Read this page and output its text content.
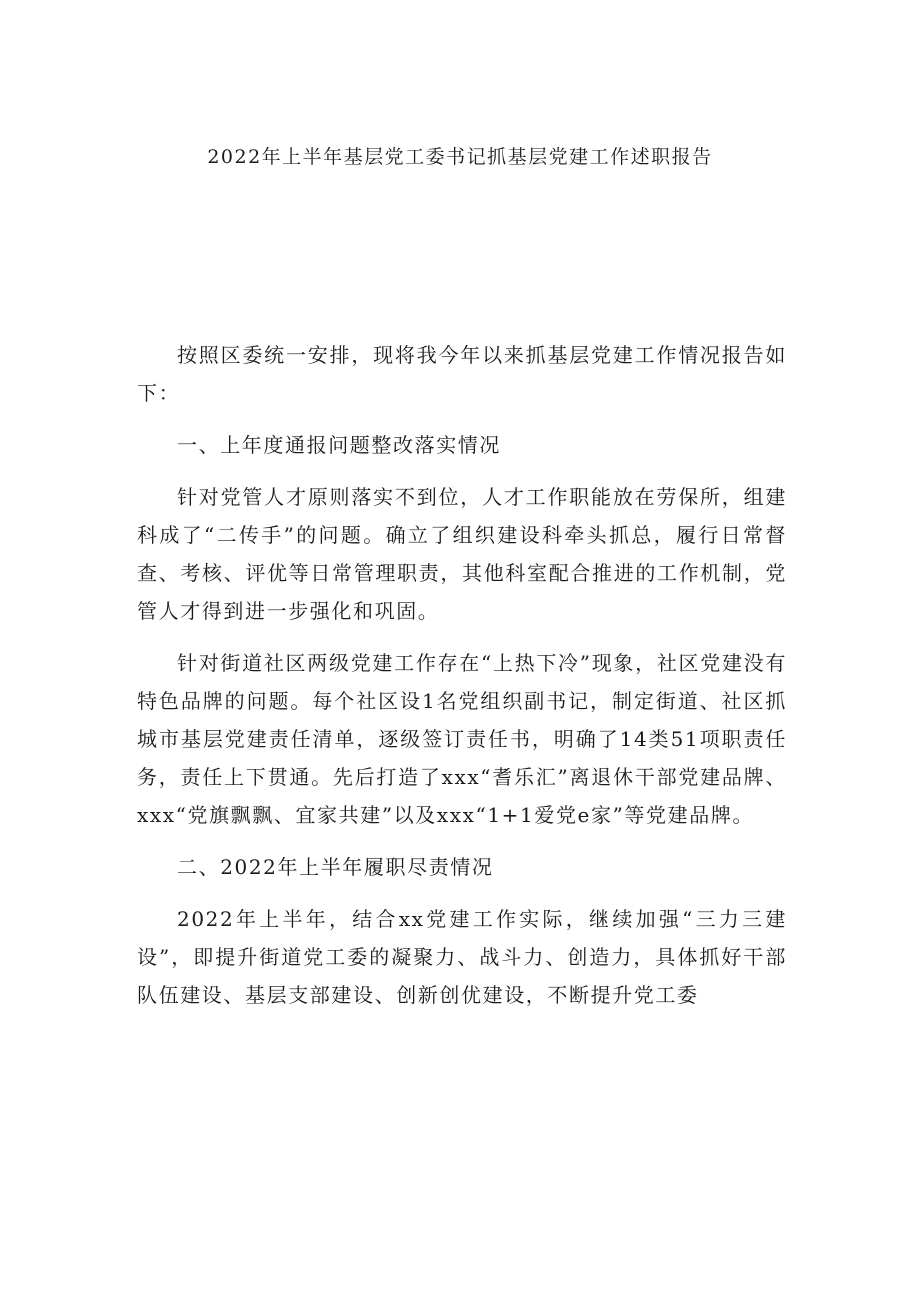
2022年上半年基层党工委书记抓基层党建工作述职报告

按照区委统一安排，现将我今年以来抓基层党建工作情况报告如下：

一、上年度通报问题整改落实情况

针对党管人才原则落实不到位，人才工作职能放在劳保所，组建科成了“二传手”的问题。确立了组织建设科牵头抓总，履行日常督查、考核、评优等日常管理职责，其他科室配合推进的工作机制，党管人才得到进一步强化和巩固。

针对街道社区两级党建工作存在“上热下冷”现象，社区党建没有特色品牌的问题。每个社区设1名党组织副书记，制定街道、社区抓城市基层党建责任清单，逐级签订责任书，明确了14类51项职责任务，责任上下贯通。先后打造了xxx“耆乐汇”离退休干部党建品牌、xxx“党旗飘飘、宜家共建”以及xxx“1+1爱党e家”等党建品牌。

二、2022年上半年履职尽责情况

2022年上半年，结合xx党建工作实际，继续加强“三力三建设”，即提升街道党工委的凝聚力、战斗力、创造力，具体抓好干部队伍建设、基层支部建设、创新创优建设，不断提升党工委
